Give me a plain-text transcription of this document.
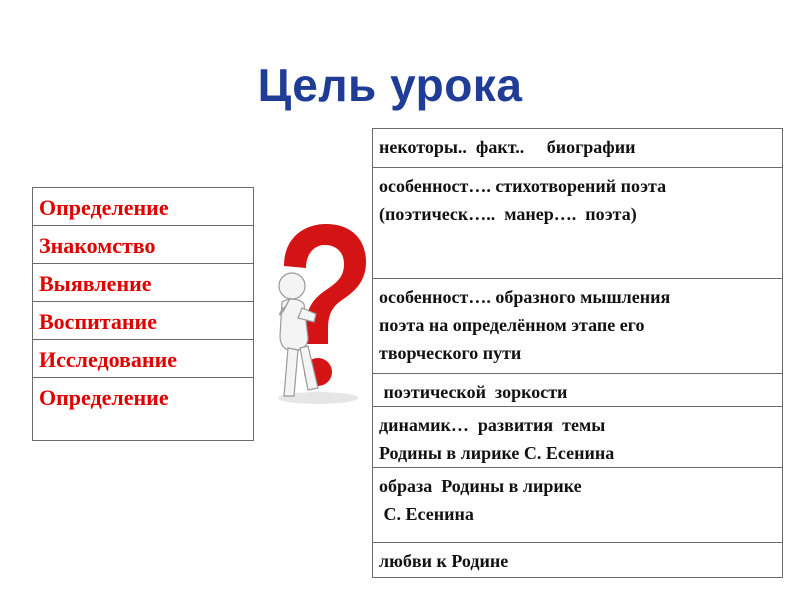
Цель урока
Определение
Знакомство
Выявление
Воспитание
Исследование
Определение
некоторы..  факт..     биографии

особенност…. стихотворений поэта
(поэтическ…..  манер….  поэта)

особенност…. образного мышления
поэта на определённом этапе его
творческого пути

поэтической  зоркости

динамик…  развития  темы
Родины в лирике С. Есенина

образа  Родины в лирике
С. Есенина

любви к Родине
